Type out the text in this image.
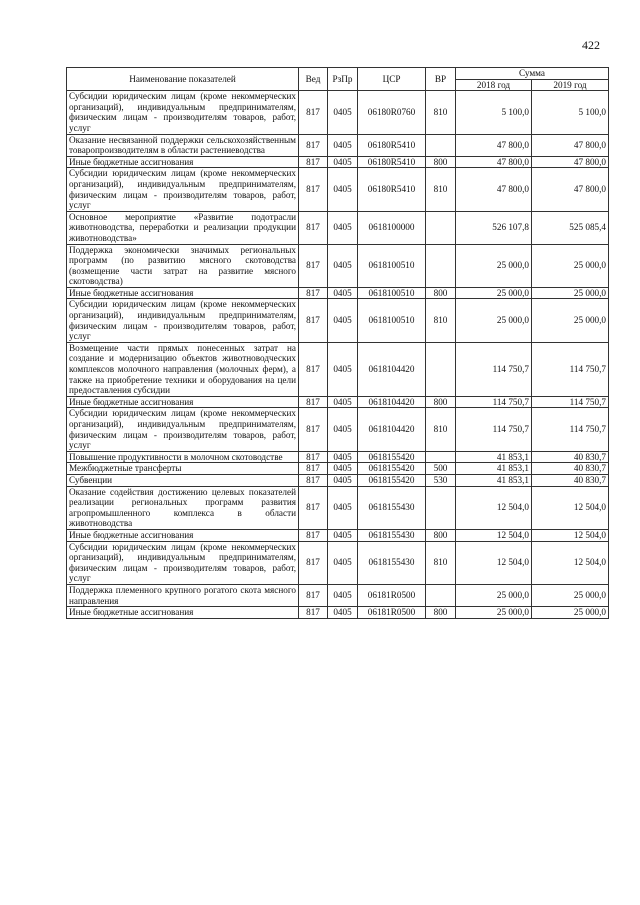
422
Наименование показателей	Вед	РзПр	ЦСР	ВР	Сумма	
					2018 год	2019 год
Субсидии юридическим лицам (кроме некоммерческих организаций), индивидуальным предпринимателям, физическим лицам - производителям товаров, работ, услуг	817	0405	06180R0760	810	5 100,0	5 100,0
Оказание несвязанной поддержки сельскохозяйственным товаропроизводителям в области растениеводства	817	0405	06180R5410		47 800,0	47 800,0
Иные бюджетные ассигнования	817	0405	06180R5410	800	47 800,0	47 800,0
Субсидии юридическим лицам (кроме некоммерческих организаций), индивидуальным предпринимателям, физическим лицам - производителям товаров, работ, услуг	817	0405	06180R5410	810	47 800,0	47 800,0
Основное мероприятие «Развитие подотрасли животноводства, переработки и реализации продукции животноводства»	817	0405	0618100000		526 107,8	525 085,4
Поддержка экономически значимых региональных программ (по развитию мясного скотоводства (возмещение части затрат на развитие мясного скотоводства)	817	0405	0618100510		25 000,0	25 000,0
Иные бюджетные ассигнования	817	0405	0618100510	800	25 000,0	25 000,0
Субсидии юридическим лицам (кроме некоммерческих организаций), индивидуальным предпринимателям, физическим лицам - производителям товаров, работ, услуг	817	0405	0618100510	810	25 000,0	25 000,0
Возмещение части прямых понесенных затрат на создание и модернизацию объектов животноводческих комплексов молочного направления (молочных ферм), а также на приобретение техники и оборудования на цели предоставления субсидии	817	0405	0618104420		114 750,7	114 750,7
Иные бюджетные ассигнования	817	0405	0618104420	800	114 750,7	114 750,7
Субсидии юридическим лицам (кроме некоммерческих организаций), индивидуальным предпринимателям, физическим лицам - производителям товаров, работ, услуг	817	0405	0618104420	810	114 750,7	114 750,7
Повышение продуктивности в молочном скотоводстве	817	0405	0618155420		41 853,1	40 830,7
Межбюджетные трансферты	817	0405	0618155420	500	41 853,1	40 830,7
Субвенции	817	0405	0618155420	530	41 853,1	40 830,7
Оказание содействия достижению целевых показателей реализации региональных программ развития агропромышленного комплекса в области животноводства	817	0405	0618155430		12 504,0	12 504,0
Иные бюджетные ассигнования	817	0405	0618155430	800	12 504,0	12 504,0
Субсидии юридическим лицам (кроме некоммерческих организаций), индивидуальным предпринимателям, физическим лицам - производителям товаров, работ, услуг	817	0405	0618155430	810	12 504,0	12 504,0
Поддержка племенного крупного рогатого скота мясного направления	817	0405	06181R0500		25 000,0	25 000,0
Иные бюджетные ассигнования	817	0405	06181R0500	800	25 000,0	25 000,0
